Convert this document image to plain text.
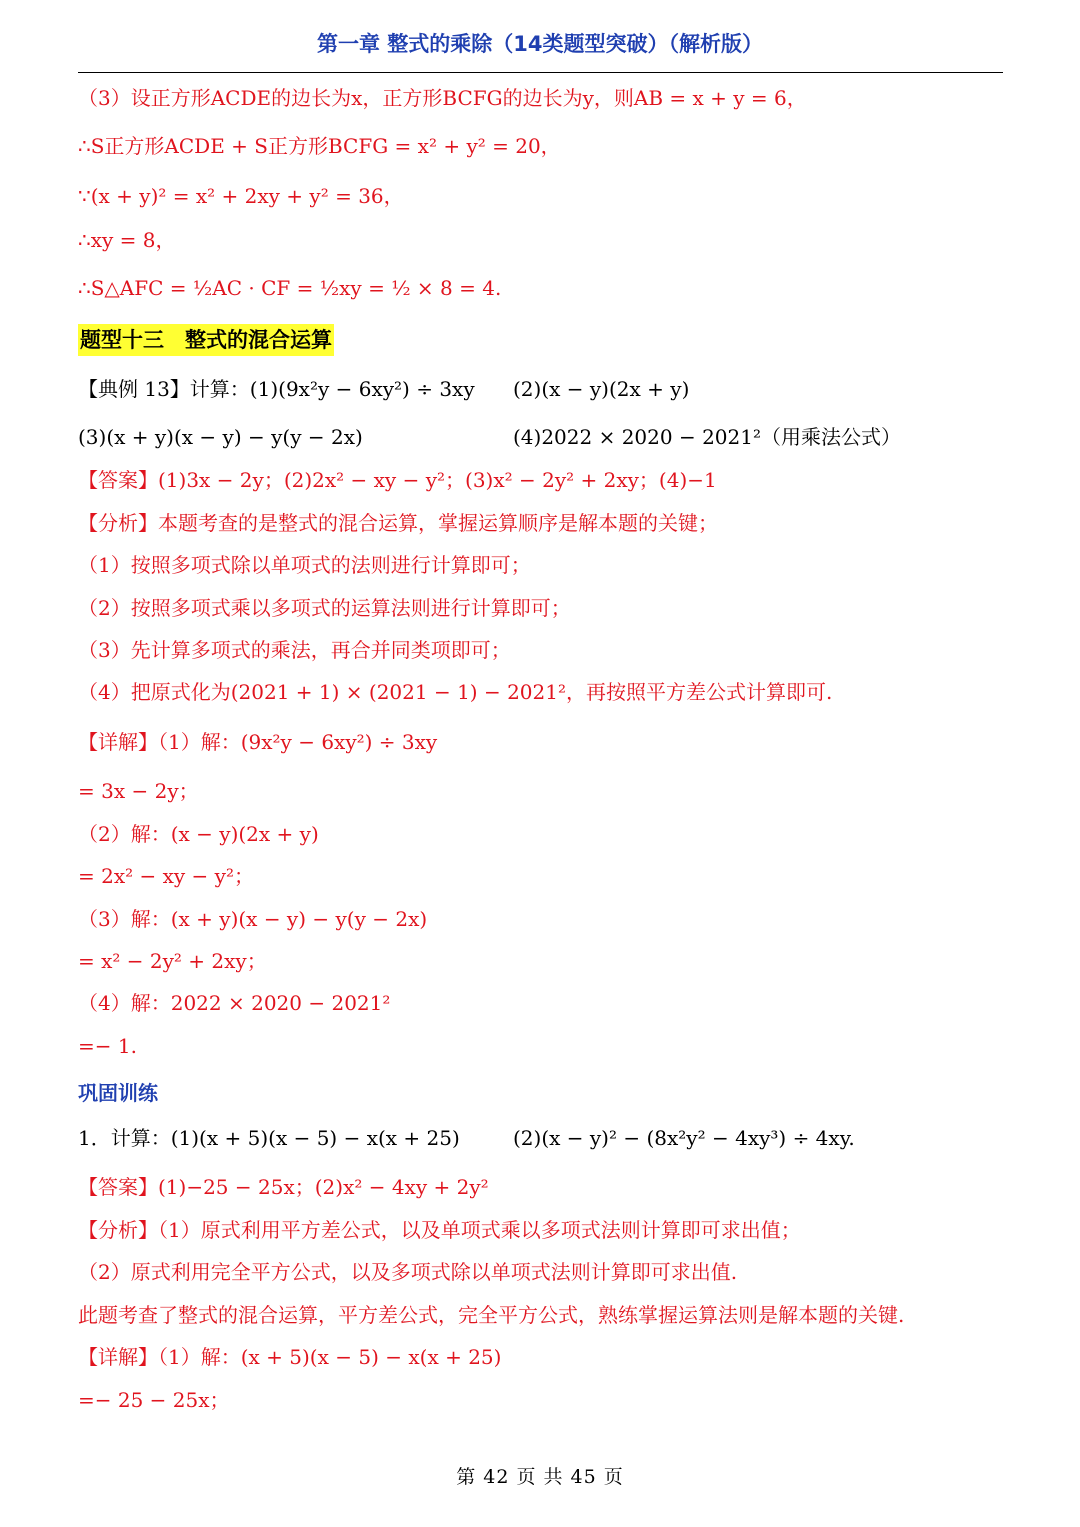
第一章 整式的乘除（14类题型突破）（解析版）
（3）设正方形ACDE的边长为x，正方形BCFG的边长为y，则AB = x + y = 6，
∴S正方形ACDE + S正方形BCFG = x² + y² = 20，
∵(x + y)² = x² + 2xy + y² = 36，
∴xy = 8，
∴S△AFC = ½AC · CF = ½xy = ½ × 8 = 4.
题型十三　整式的混合运算
【典例 13】计算：(1)(9x²y − 6xy²) ÷ 3xy (2)(x − y)(2x + y)
(3)(x + y)(x − y) − y(y − 2x)	(4)2022 × 2020 − 2021²（用乘法公式）
【答案】(1)3x − 2y；(2)2x² − xy − y²；(3)x² − 2y² + 2xy；(4)−1
【分析】本题考查的是整式的混合运算，掌握运算顺序是解本题的关键；
（1）按照多项式除以单项式的法则进行计算即可；
（2）按照多项式乘以多项式的运算法则进行计算即可；
（3）先计算多项式的乘法，再合并同类项即可；
（4）把原式化为(2021 + 1) × (2021 − 1) − 2021²，再按照平方差公式计算即可.
【详解】（1）解：(9x²y − 6xy²) ÷ 3xy
= 3x − 2y；
（2）解：(x − y)(2x + y)
= 2x² − xy − y²；
（3）解：(x + y)(x − y) − y(y − 2x)
= x² − 2y² + 2xy；
（4）解：2022 × 2020 − 2021²
=− 1.
巩固训练
1．计算：(1)(x + 5)(x − 5) − x(x + 25)	(2)(x − y)² − (8x²y² − 4xy³) ÷ 4xy.
【答案】(1)−25 − 25x；(2)x² − 4xy + 2y²
【分析】（1）原式利用平方差公式，以及单项式乘以多项式法则计算即可求出值；
（2）原式利用完全平方公式，以及多项式除以单项式法则计算即可求出值.
此题考查了整式的混合运算，平方差公式，完全平方公式，熟练掌握运算法则是解本题的关键.
【详解】（1）解：(x + 5)(x − 5) − x(x + 25)
=− 25 − 25x；
第 42 页 共 45 页
